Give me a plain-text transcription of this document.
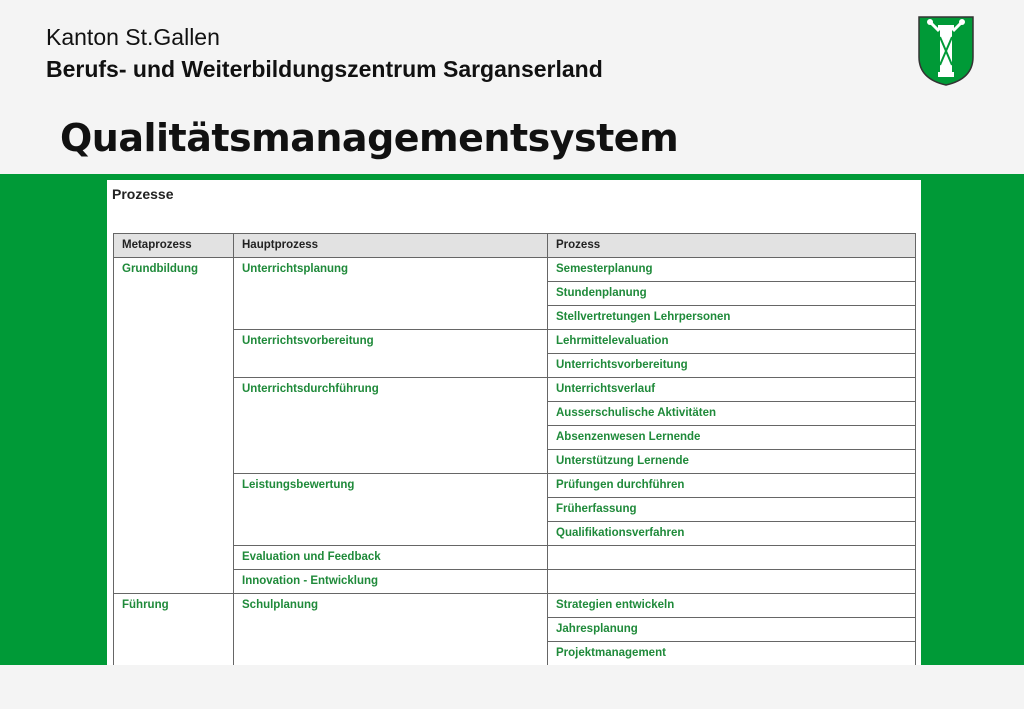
Kanton St.Gallen
Berufs- und Weiterbildungszentrum Sarganserland
Qualitätsmanagementsystem
Prozesse
Metaprozess	Hauptprozess	Prozess
Grundbildung	Unterrichtsplanung	Semesterplanung
		Stundenplanung
		Stellvertretungen Lehrpersonen
	Unterrichtsvorbereitung	Lehrmittelevaluation
		Unterrichtsvorbereitung
	Unterrichtsdurchführung	Unterrichtsverlauf
		Ausserschulische Aktivitäten
		Absenzenwesen Lernende
		Unterstützung Lernende
	Leistungsbewertung	Prüfungen durchführen
		Früherfassung
		Qualifikationsverfahren
	Evaluation und Feedback	
	Innovation - Entwicklung	
Führung	Schulplanung	Strategien entwickeln
		Jahresplanung
		Projektmanagement
